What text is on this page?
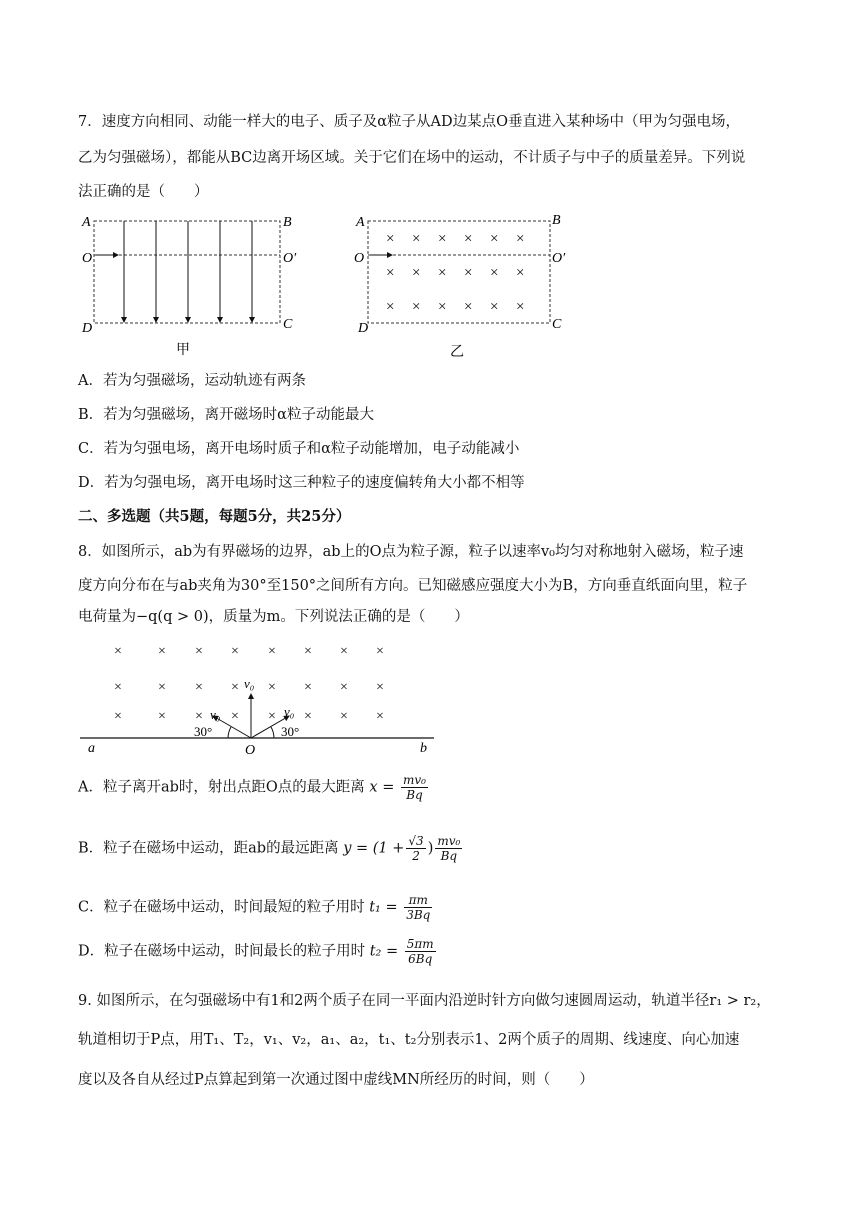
7．速度方向相同、动能一样大的电子、质子及α粒子从AD边某点O垂直进入某种场中（甲为匀强电场，
乙为匀强磁场），都能从BC边离开场区域。关于它们在场中的运动，不计质子与中子的质量差异。下列说
法正确的是（　　）
A	B
O	O′
D	C
甲
× × × × × ×
× × × × × ×
× × × × × ×
A	B
O	O′
D	C
乙
A．若为匀强磁场，运动轨迹有两条
B．若为匀强磁场，离开磁场时α粒子动能最大
C．若为匀强电场，离开电场时质子和α粒子动能增加，电子动能减小
D．若为匀强电场，离开电场时这三种粒子的速度偏转角大小都不相等
二、多选题（共5题，每题5分，共25分）
8．如图所示，ab为有界磁场的边界，ab上的O点为粒子源，粒子以速率v₀均匀对称地射入磁场，粒子速
度方向分布在与ab夹角为30°至150°之间所有方向。已知磁感应强度大小为B，方向垂直纸面向里，粒子
电荷量为−q(q > 0)，质量为m。下列说法正确的是（　　）
×	× × × × × × ×
×	× × × × × × ×
×	× × × × × × ×
v₀
v₀	v₀
30°	30°
a	O	b
A．粒子离开ab时，射出点距O点的最大距离 $x = \frac{\text{mv₀}}{Bq}$
B．粒子在磁场中运动，距ab的最远距离 $y = (1 + \frac{√3}{2}$ ) $\frac{\text{mv₀}}{Bq}$
C．粒子在磁场中运动，时间最短的粒子用时 $t_1 = \frac{\pi m}{3Bq}$
D．粒子在磁场中运动，时间最长的粒子用时 $t_2 = \frac{5\pi m}{6Bq}$
9. 如图所示，在匀强磁场中有1和2两个质子在同一平面内沿逆时针方向做匀速圆周运动，轨道半径r₁ > r₂，
轨道相切于P点，用T₁、T₂，v₁、v₂，a₁、a₂，t₁、t₂分别表示1、2两个质子的周期、线速度、向心加速
度以及各自从经过P点算起到第一次通过图中虚线MN所经历的时间，则（　　）
